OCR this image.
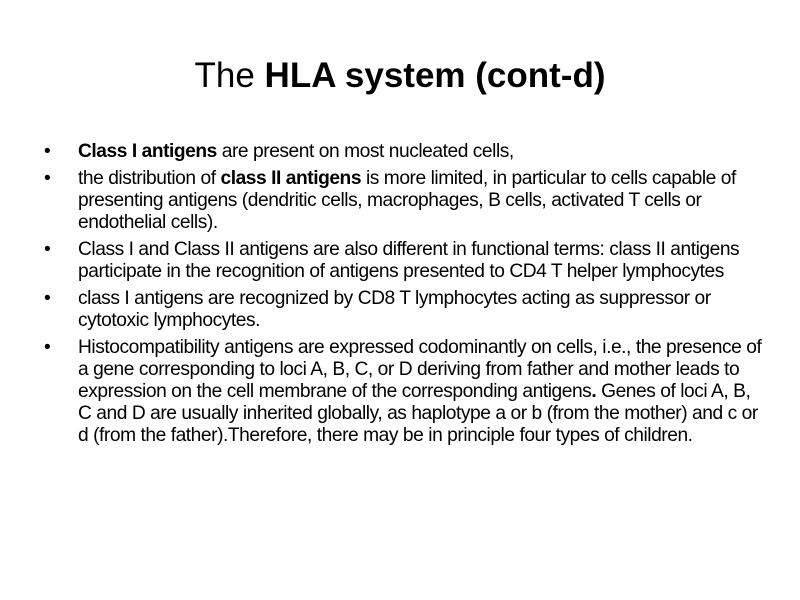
The HLA system (cont-d)
•	Class I antigens are present on most nucleated cells,
•	the distribution of class II antigens is more limited, in particular to cells capable of presenting antigens (dendritic cells, macrophages, B cells, activated T cells or endothelial cells).
•	Class I and Class II antigens are also different in functional terms: class II antigens participate in the recognition of antigens presented to CD4 T helper lymphocytes
•	class I antigens are recognized by CD8 T lymphocytes acting as suppressor or cytotoxic lymphocytes.
•	Histocompatibility antigens are expressed codominantly on cells, i.e., the presence of a gene corresponding to loci A, B, C, or D deriving from father and mother leads to expression on the cell membrane of the corresponding antigens. Genes of loci A, B, C and D are usually inherited globally, as haplotype a or b (from the mother) and c or d (from the father).Therefore, there may be in principle four types of children.
